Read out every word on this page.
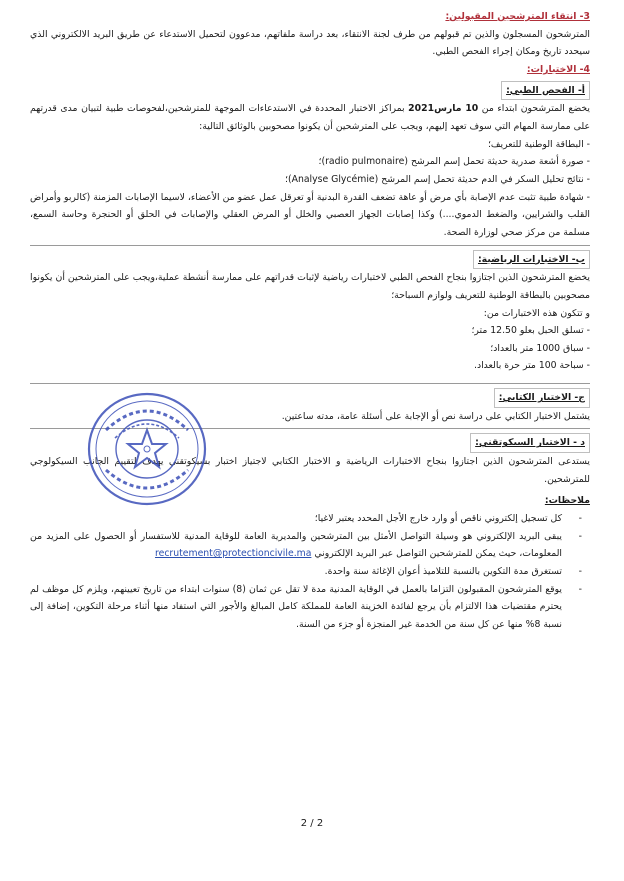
3- انتقاء المترشحين المقبولين:

المترشحون المسجلون والذين تم قبولهم من طرف لجنة الانتقاء، بعد دراسة ملفاتهم، مدعوون لتحميل الاستدعاء عن طريق البريد الالكتروني الذي سيحدد تاريخ ومكان إجراء الفحص الطبي.

4- الاختبارات:

أ- الفحص الطبي:

يخضع المترشحون ابتداء من 10 مارس2021 بمراكز الاختبار المحددة في الاستدعاءات الموجهة للمترشحين،لفحوصات طبية لتبيان مدى قدرتهم على ممارسة المهام التي سوف تعهد إليهم، ويجب على المترشحين أن يكونوا مصحوبين بالوثائق التالية:

- البطاقة الوطنية للتعريف؛

- صورة أشعة صدرية حديثة تحمل إسم المرشح (radio pulmonaire)؛

- نتائج تحليل السكر في الدم حديثة تحمل إسم المرشح (Analyse Glycémie)؛

- شهادة طبية تثبت عدم الإصابة بأي مرض أو عاهة تضعف القدرة البدنية أو تعرقل عمل عضو من الأعضاء، لاسيما الإصابات المزمنة (كالربو وأمراض القلب والشرايين، والضغط الدموي....) وكذا إصابات الجهاز العصبي والخلل أو المرض العقلي والإصابات في الحلق أو الحنجرة وحاسة السمع، مسلمة من مركز صحي لوزارة الصحة.

ب- الاختبارات الرياضية:

يخضع المترشحون الذين اجتازوا بنجاح الفحص الطبي لاختبارات رياضية لإثبات قدراتهم على ممارسة أنشطة عملية،ويجب على المترشحين أن يكونوا مصحوبين بالبطاقة الوطنية للتعريف ولوازم السباحة؛

و تتكون هذه الاختبارات من:

- تسلق الحبل بعلو 12.50 متر؛

- سباق 1000 متر بالعداد؛

- سباحة 100 متر حرة بالعداد.

ج- الاختبار الكتابي:

يشتمل الاختبار الكتابي على دراسة نص أو الإجابة على أسئلة عامة، مدته ساعتين.

د - الاختبار السيكوتقني:

يستدعى المترشحون الذين اجتازوا بنجاح الاختبارات الرياضية و الاختبار الكتابي لاجتياز اختبار بسيكوتقني يهدف لتقييم الجانب السيكولوجي للمترشحين.

ملاحظات:

-
كل تسجيل إلكتروني ناقص أو وارد خارج الأجل المحدد يعتبر لاغيا؛
-
يبقى البريد الإلكتروني هو وسيلة التواصل الأمثل بين المترشحين والمديرية العامة للوقاية المدنية للاستفسار أو الحصول على المزيد من المعلومات، حيث يمكن للمترشحين التواصل عبر البريد الإلكتروني recrutement@protectioncivile.ma
-
تستغرق مدة التكوين بالنسبة للتلاميذ أعوان الإغاثة سنة واحدة.
-
يوقع المترشحون المقبولون التزاما بالعمل في الوقاية المدنية مدة لا تقل عن ثمان (8) سنوات ابتداء من تاريخ تعيينهم، ويلزم كل موظف لم يحترم مقتضيات هذا الالتزام بأن يرجع لفائدة الخزينة العامة للمملكة كامل المبالغ والأجور التي استفاد منها أثناء مرحلة التكوين، إضافة إلى نسبة 8% منها عن كل سنة من الخدمة غير المنجزة أو جزء من السنة.
2 / 2
